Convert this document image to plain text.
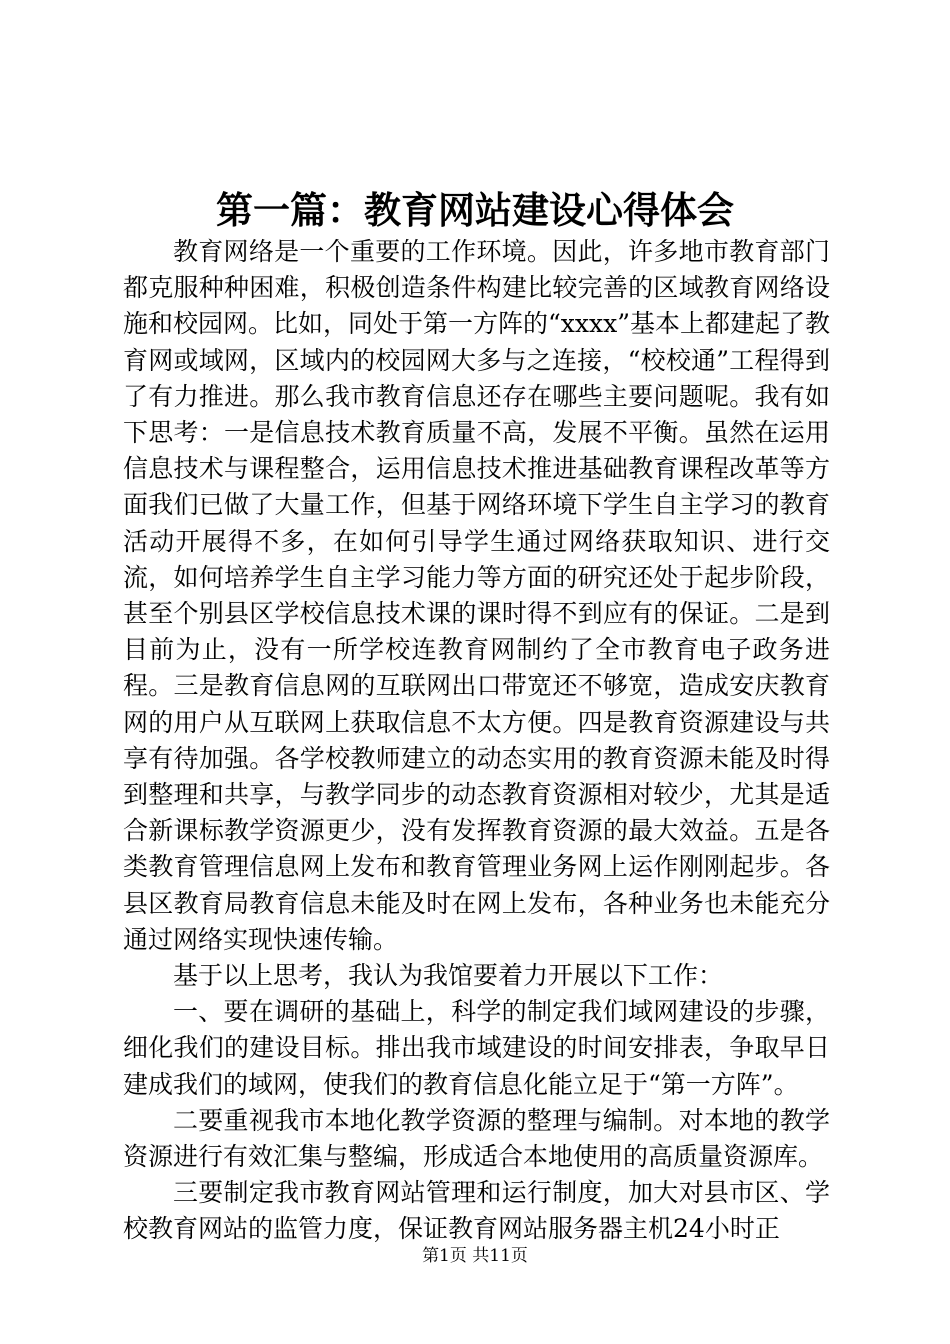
第一篇：教育网站建设心得体会

教育网络是一个重要的工作环境。因此，许多地市教育部门都克服种种困难，积极创造条件构建比较完善的区域教育网络设施和校园网。比如，同处于第一方阵的“xxxx”基本上都建起了教育网或域网，区域内的校园网大多与之连接，“校校通”工程得到了有力推进。那么我市教育信息还存在哪些主要问题呢。我有如下思考：一是信息技术教育质量不高，发展不平衡。虽然在运用信息技术与课程整合，运用信息技术推进基础教育课程改革等方面我们已做了大量工作，但基于网络环境下学生自主学习的教育活动开展得不多，在如何引导学生通过网络获取知识、进行交流，如何培养学生自主学习能力等方面的研究还处于起步阶段，甚至个别县区学校信息技术课的课时得不到应有的保证。二是到目前为止，没有一所学校连教育网制约了全市教育电子政务进程。三是教育信息网的互联网出口带宽还不够宽，造成安庆教育网的用户从互联网上获取信息不太方便。四是教育资源建设与共享有待加强。各学校教师建立的动态实用的教育资源未能及时得到整理和共享，与教学同步的动态教育资源相对较少，尤其是适合新课标教学资源更少，没有发挥教育资源的最大效益。五是各类教育管理信息网上发布和教育管理业务网上运作刚刚起步。各县区教育局教育信息未能及时在网上发布，各种业务也未能充分通过网络实现快速传输。

基于以上思考，我认为我馆要着力开展以下工作：

一、要在调研的基础上，科学的制定我们域网建设的步骤，细化我们的建设目标。排出我市域建设的时间安排表，争取早日建成我们的域网，使我们的教育信息化能立足于“第一方阵”。

二要重视我市本地化教学资源的整理与编制。对本地的教学资源进行有效汇集与整编，形成适合本地使用的高质量资源库。

三要制定我市教育网站管理和运行制度，加大对县市区、学校教育网站的监管力度，保证教育网站服务器主机24小时正

第1页 共11页
